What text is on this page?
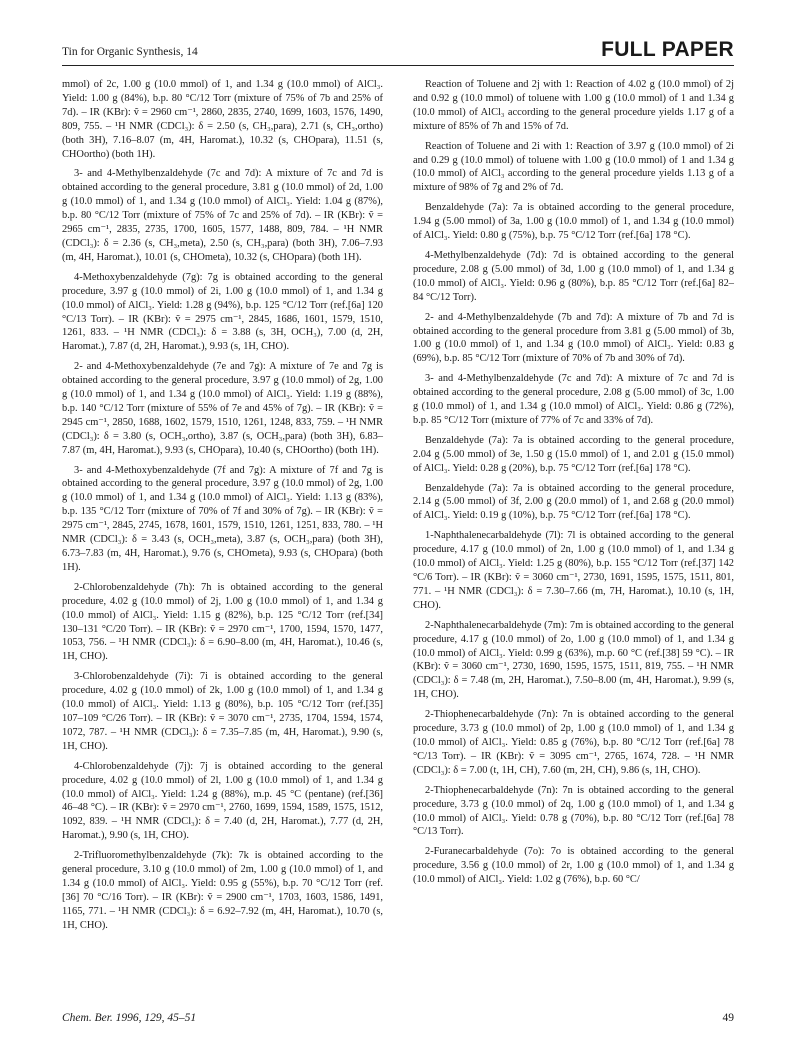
Tin for Organic Synthesis, 14	FULL PAPER

mmol) of 2c, 1.00 g (10.0 mmol) of 1, and 1.34 g (10.0 mmol) of AlCl₃. Yield: 1.00 g (84%), b.p. 80 °C/12 Torr (mixture of 75% of 7b and 25% of 7d). – IR (KBr): ṽ = 2960 cm⁻¹, 2860, 2835, 2740, 1699, 1603, 1576, 1490, 809, 755. – ¹H NMR (CDCl₃): δ = 2.50 (s, CH₃,para), 2.71 (s, CH₃,ortho) (both 3H), 7.16–8.07 (m, 4H, Haromat.), 10.32 (s, CHOpara), 11.51 (s, CHOortho) (both 1H).

3- and 4-Methylbenzaldehyde (7c and 7d): A mixture of 7c and 7d is obtained according to the general procedure, 3.81 g (10.0 mmol) of 2d, 1.00 g (10.0 mmol) of 1, and 1.34 g (10.0 mmol) of AlCl₃. Yield: 1.04 g (87%), b.p. 80 °C/12 Torr (mixture of 75% of 7c and 25% of 7d). – IR (KBr): ṽ = 2965 cm⁻¹, 2835, 2735, 1700, 1605, 1577, 1488, 809, 784. – ¹H NMR (CDCl₃): δ = 2.36 (s, CH₃,meta), 2.50 (s, CH₃,para) (both 3H), 7.06–7.93 (m, 4H, Haromat.), 10.01 (s, CHOmeta), 10.32 (s, CHOpara) (both 1H).

4-Methoxybenzaldehyde (7g): 7g is obtained according to the general procedure, 3.97 g (10.0 mmol) of 2i, 1.00 g (10.0 mmol) of 1, and 1.34 g (10.0 mmol) of AlCl₃. Yield: 1.28 g (94%), b.p. 125 °C/12 Torr (ref.[6a] 120 °C/13 Torr). – IR (KBr): ṽ = 2975 cm⁻¹, 2845, 1686, 1601, 1579, 1510, 1261, 833. – ¹H NMR (CDCl₃): δ = 3.88 (s, 3H, OCH₃), 7.00 (d, 2H, Haromat.), 7.87 (d, 2H, Haromat.), 9.93 (s, 1H, CHO).

2- and 4-Methoxybenzaldehyde (7e and 7g): A mixture of 7e and 7g is obtained according to the general procedure, 3.97 g (10.0 mmol) of 2g, 1.00 g (10.0 mmol) of 1, and 1.34 g (10.0 mmol) of AlCl₃. Yield: 1.19 g (88%), b.p. 140 °C/12 Torr (mixture of 55% of 7e and 45% of 7g). – IR (KBr): ṽ = 2945 cm⁻¹, 2850, 1688, 1602, 1579, 1510, 1261, 1248, 833, 759. – ¹H NMR (CDCl₃): δ = 3.80 (s, OCH₃,ortho), 3.87 (s, OCH₃,para) (both 3H), 6.83–7.87 (m, 4H, Haromat.), 9.93 (s, CHOpara), 10.40 (s, CHOortho) (both 1H).

3- and 4-Methoxybenzaldehyde (7f and 7g): A mixture of 7f and 7g is obtained according to the general procedure, 3.97 g (10.0 mmol) of 2g, 1.00 g (10.0 mmol) of 1, and 1.34 g (10.0 mmol) of AlCl₃. Yield: 1.13 g (83%), b.p. 135 °C/12 Torr (mixture of 70% of 7f and 30% of 7g). – IR (KBr): ṽ = 2975 cm⁻¹, 2845, 2745, 1678, 1601, 1579, 1510, 1261, 1251, 833, 780. – ¹H NMR (CDCl₃): δ = 3.43 (s, OCH₃,meta), 3.87 (s, OCH₃,para) (both 3H), 6.73–7.83 (m, 4H, Haromat.), 9.76 (s, CHOmeta), 9.93 (s, CHOpara) (both 1H).

2-Chlorobenzaldehyde (7h): 7h is obtained according to the general procedure, 4.02 g (10.0 mmol) of 2j, 1.00 g (10.0 mmol) of 1, and 1.34 g (10.0 mmol) of AlCl₃. Yield: 1.15 g (82%), b.p. 125 °C/12 Torr (ref.[34] 130–131 °C/20 Torr). – IR (KBr): ṽ = 2970 cm⁻¹, 1700, 1594, 1570, 1477, 1053, 756. – ¹H NMR (CDCl₃): δ = 6.90–8.00 (m, 4H, Haromat.), 10.46 (s, 1H, CHO).

3-Chlorobenzaldehyde (7i): 7i is obtained according to the general procedure, 4.02 g (10.0 mmol) of 2k, 1.00 g (10.0 mmol) of 1, and 1.34 g (10.0 mmol) of AlCl₃. Yield: 1.13 g (80%), b.p. 105 °C/12 Torr (ref.[35] 107–109 °C/26 Torr). – IR (KBr): ṽ = 3070 cm⁻¹, 2735, 1704, 1594, 1574, 1072, 787. – ¹H NMR (CDCl₃): δ = 7.35–7.85 (m, 4H, Haromat.), 9.90 (s, 1H, CHO).

4-Chlorobenzaldehyde (7j): 7j is obtained according to the general procedure, 4.02 g (10.0 mmol) of 2l, 1.00 g (10.0 mmol) of 1, and 1.34 g (10.0 mmol) of AlCl₃. Yield: 1.24 g (88%), m.p. 45 °C (pentane) (ref.[36] 46–48 °C). – IR (KBr): ṽ = 2970 cm⁻¹, 2760, 1699, 1594, 1589, 1575, 1512, 1092, 839. – ¹H NMR (CDCl₃): δ = 7.40 (d, 2H, Haromat.), 7.77 (d, 2H, Haromat.), 9.90 (s, 1H, CHO).

2-Trifluoromethylbenzaldehyde (7k): 7k is obtained according to the general procedure, 3.10 g (10.0 mmol) of 2m, 1.00 g (10.0 mmol) of 1, and 1.34 g (10.0 mmol) of AlCl₃. Yield: 0.95 g (55%), b.p. 70 °C/12 Torr (ref.[36] 70 °C/16 Torr). – IR (KBr): ṽ = 2900 cm⁻¹, 1703, 1603, 1586, 1491, 1165, 771. – ¹H NMR (CDCl₃): δ = 6.92–7.92 (m, 4H, Haromat.), 10.70 (s, 1H, CHO).

Reaction of Toluene and 2j with 1: Reaction of 4.02 g (10.0 mmol) of 2j and 0.92 g (10.0 mmol) of toluene with 1.00 g (10.0 mmol) of 1 and 1.34 g (10.0 mmol) of AlCl₃ according to the general procedure yields 1.17 g of a mixture of 85% of 7h and 15% of 7d.

Reaction of Toluene and 2i with 1: Reaction of 3.97 g (10.0 mmol) of 2i and 0.29 g (10.0 mmol) of toluene with 1.00 g (10.0 mmol) of 1 and 1.34 g (10.0 mmol) of AlCl₃ according to the general procedure yields 1.13 g of a mixture of 98% of 7g and 2% of 7d.

Benzaldehyde (7a): 7a is obtained according to the general procedure, 1.94 g (5.00 mmol) of 3a, 1.00 g (10.0 mmol) of 1, and 1.34 g (10.0 mmol) of AlCl₃. Yield: 0.80 g (75%), b.p. 75 °C/12 Torr (ref.[6a] 178 °C).

4-Methylbenzaldehyde (7d): 7d is obtained according to the general procedure, 2.08 g (5.00 mmol) of 3d, 1.00 g (10.0 mmol) of 1, and 1.34 g (10.0 mmol) of AlCl₃. Yield: 0.96 g (80%), b.p. 85 °C/12 Torr (ref.[6a] 82–84 °C/12 Torr).

2- and 4-Methylbenzaldehyde (7b and 7d): A mixture of 7b and 7d is obtained according to the general procedure from 3.81 g (5.00 mmol) of 3b, 1.00 g (10.0 mmol) of 1, and 1.34 g (10.0 mmol) of AlCl₃. Yield: 0.83 g (69%), b.p. 85 °C/12 Torr (mixture of 70% of 7b and 30% of 7d).

3- and 4-Methylbenzaldehyde (7c and 7d): A mixture of 7c and 7d is obtained according to the general procedure, 2.08 g (5.00 mmol) of 3c, 1.00 g (10.0 mmol) of 1, and 1.34 g (10.0 mmol) of AlCl₃. Yield: 0.86 g (72%), b.p. 85 °C/12 Torr (mixture of 77% of 7c and 33% of 7d).

Benzaldehyde (7a): 7a is obtained according to the general procedure, 2.04 g (5.00 mmol) of 3e, 1.50 g (15.0 mmol) of 1, and 2.01 g (15.0 mmol) of AlCl₃. Yield: 0.28 g (20%), b.p. 75 °C/12 Torr (ref.[6a] 178 °C).

Benzaldehyde (7a): 7a is obtained according to the general procedure, 2.14 g (5.00 mmol) of 3f, 2.00 g (20.0 mmol) of 1, and 2.68 g (20.0 mmol) of AlCl₃. Yield: 0.19 g (10%), b.p. 75 °C/12 Torr (ref.[6a] 178 °C).

1-Naphthalenecarbaldehyde (7l): 7l is obtained according to the general procedure, 4.17 g (10.0 mmol) of 2n, 1.00 g (10.0 mmol) of 1, and 1.34 g (10.0 mmol) of AlCl₃. Yield: 1.25 g (80%), b.p. 155 °C/12 Torr (ref.[37] 142 °C/6 Torr). – IR (KBr): ṽ = 3060 cm⁻¹, 2730, 1691, 1595, 1575, 1511, 801, 771. – ¹H NMR (CDCl₃): δ = 7.30–7.66 (m, 7H, Haromat.), 10.10 (s, 1H, CHO).

2-Naphthalenecarbaldehyde (7m): 7m is obtained according to the general procedure, 4.17 g (10.0 mmol) of 2o, 1.00 g (10.0 mmol) of 1, and 1.34 g (10.0 mmol) of AlCl₃. Yield: 0.99 g (63%), m.p. 60 °C (ref.[38] 59 °C). – IR (KBr): ṽ = 3060 cm⁻¹, 2730, 1690, 1595, 1575, 1511, 819, 755. – ¹H NMR (CDCl₃): δ = 7.48 (m, 2H, Haromat.), 7.50–8.00 (m, 4H, Haromat.), 9.99 (s, 1H, CHO).

2-Thiophenecarbaldehyde (7n): 7n is obtained according to the general procedure, 3.73 g (10.0 mmol) of 2p, 1.00 g (10.0 mmol) of 1, and 1.34 g (10.0 mmol) of AlCl₃. Yield: 0.85 g (76%), b.p. 80 °C/12 Torr (ref.[6a] 78 °C/13 Torr). – IR (KBr): ṽ = 3095 cm⁻¹, 2765, 1674, 728. – ¹H NMR (CDCl₃): δ = 7.00 (t, 1H, CH), 7.60 (m, 2H, CH), 9.86 (s, 1H, CHO).

2-Thiophenecarbaldehyde (7n): 7n is obtained according to the general procedure, 3.73 g (10.0 mmol) of 2q, 1.00 g (10.0 mmol) of 1, and 1.34 g (10.0 mmol) of AlCl₃. Yield: 0.78 g (70%), b.p. 80 °C/12 Torr (ref.[6a] 78 °C/13 Torr).

2-Furanecarbaldehyde (7o): 7o is obtained according to the general procedure, 3.56 g (10.0 mmol) of 2r, 1.00 g (10.0 mmol) of 1, and 1.34 g (10.0 mmol) of AlCl₃. Yield: 1.02 g (76%), b.p. 60 °C/

Chem. Ber. 1996, 129, 45–51	49
